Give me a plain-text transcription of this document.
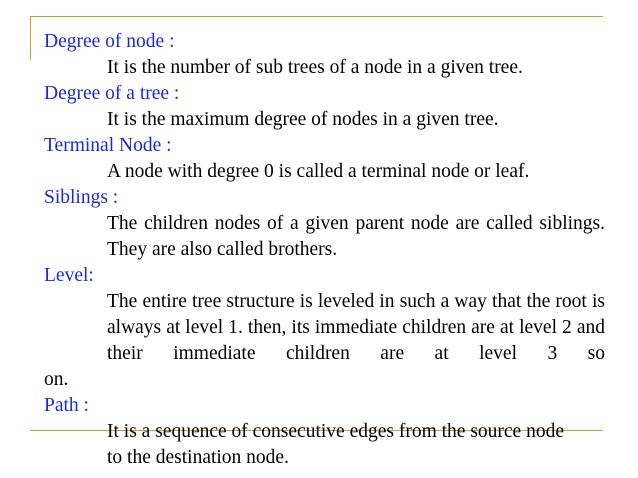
Degree of node :
It is the number of sub trees of a node in a given tree.
Degree of a tree :
It is the maximum degree of nodes in a given tree.
Terminal Node :
A node with degree 0 is called a terminal node or leaf.
Siblings :
The children nodes of a given parent node are called siblings. They are also called brothers.
Level:
The entire tree structure is leveled in such a way that the root is always at level 1. then, its immediate children are at level 2 and their immediate children are at level 3 so
on.
Path :
It is a sequence of consecutive edges from the source node
to the destination node.
